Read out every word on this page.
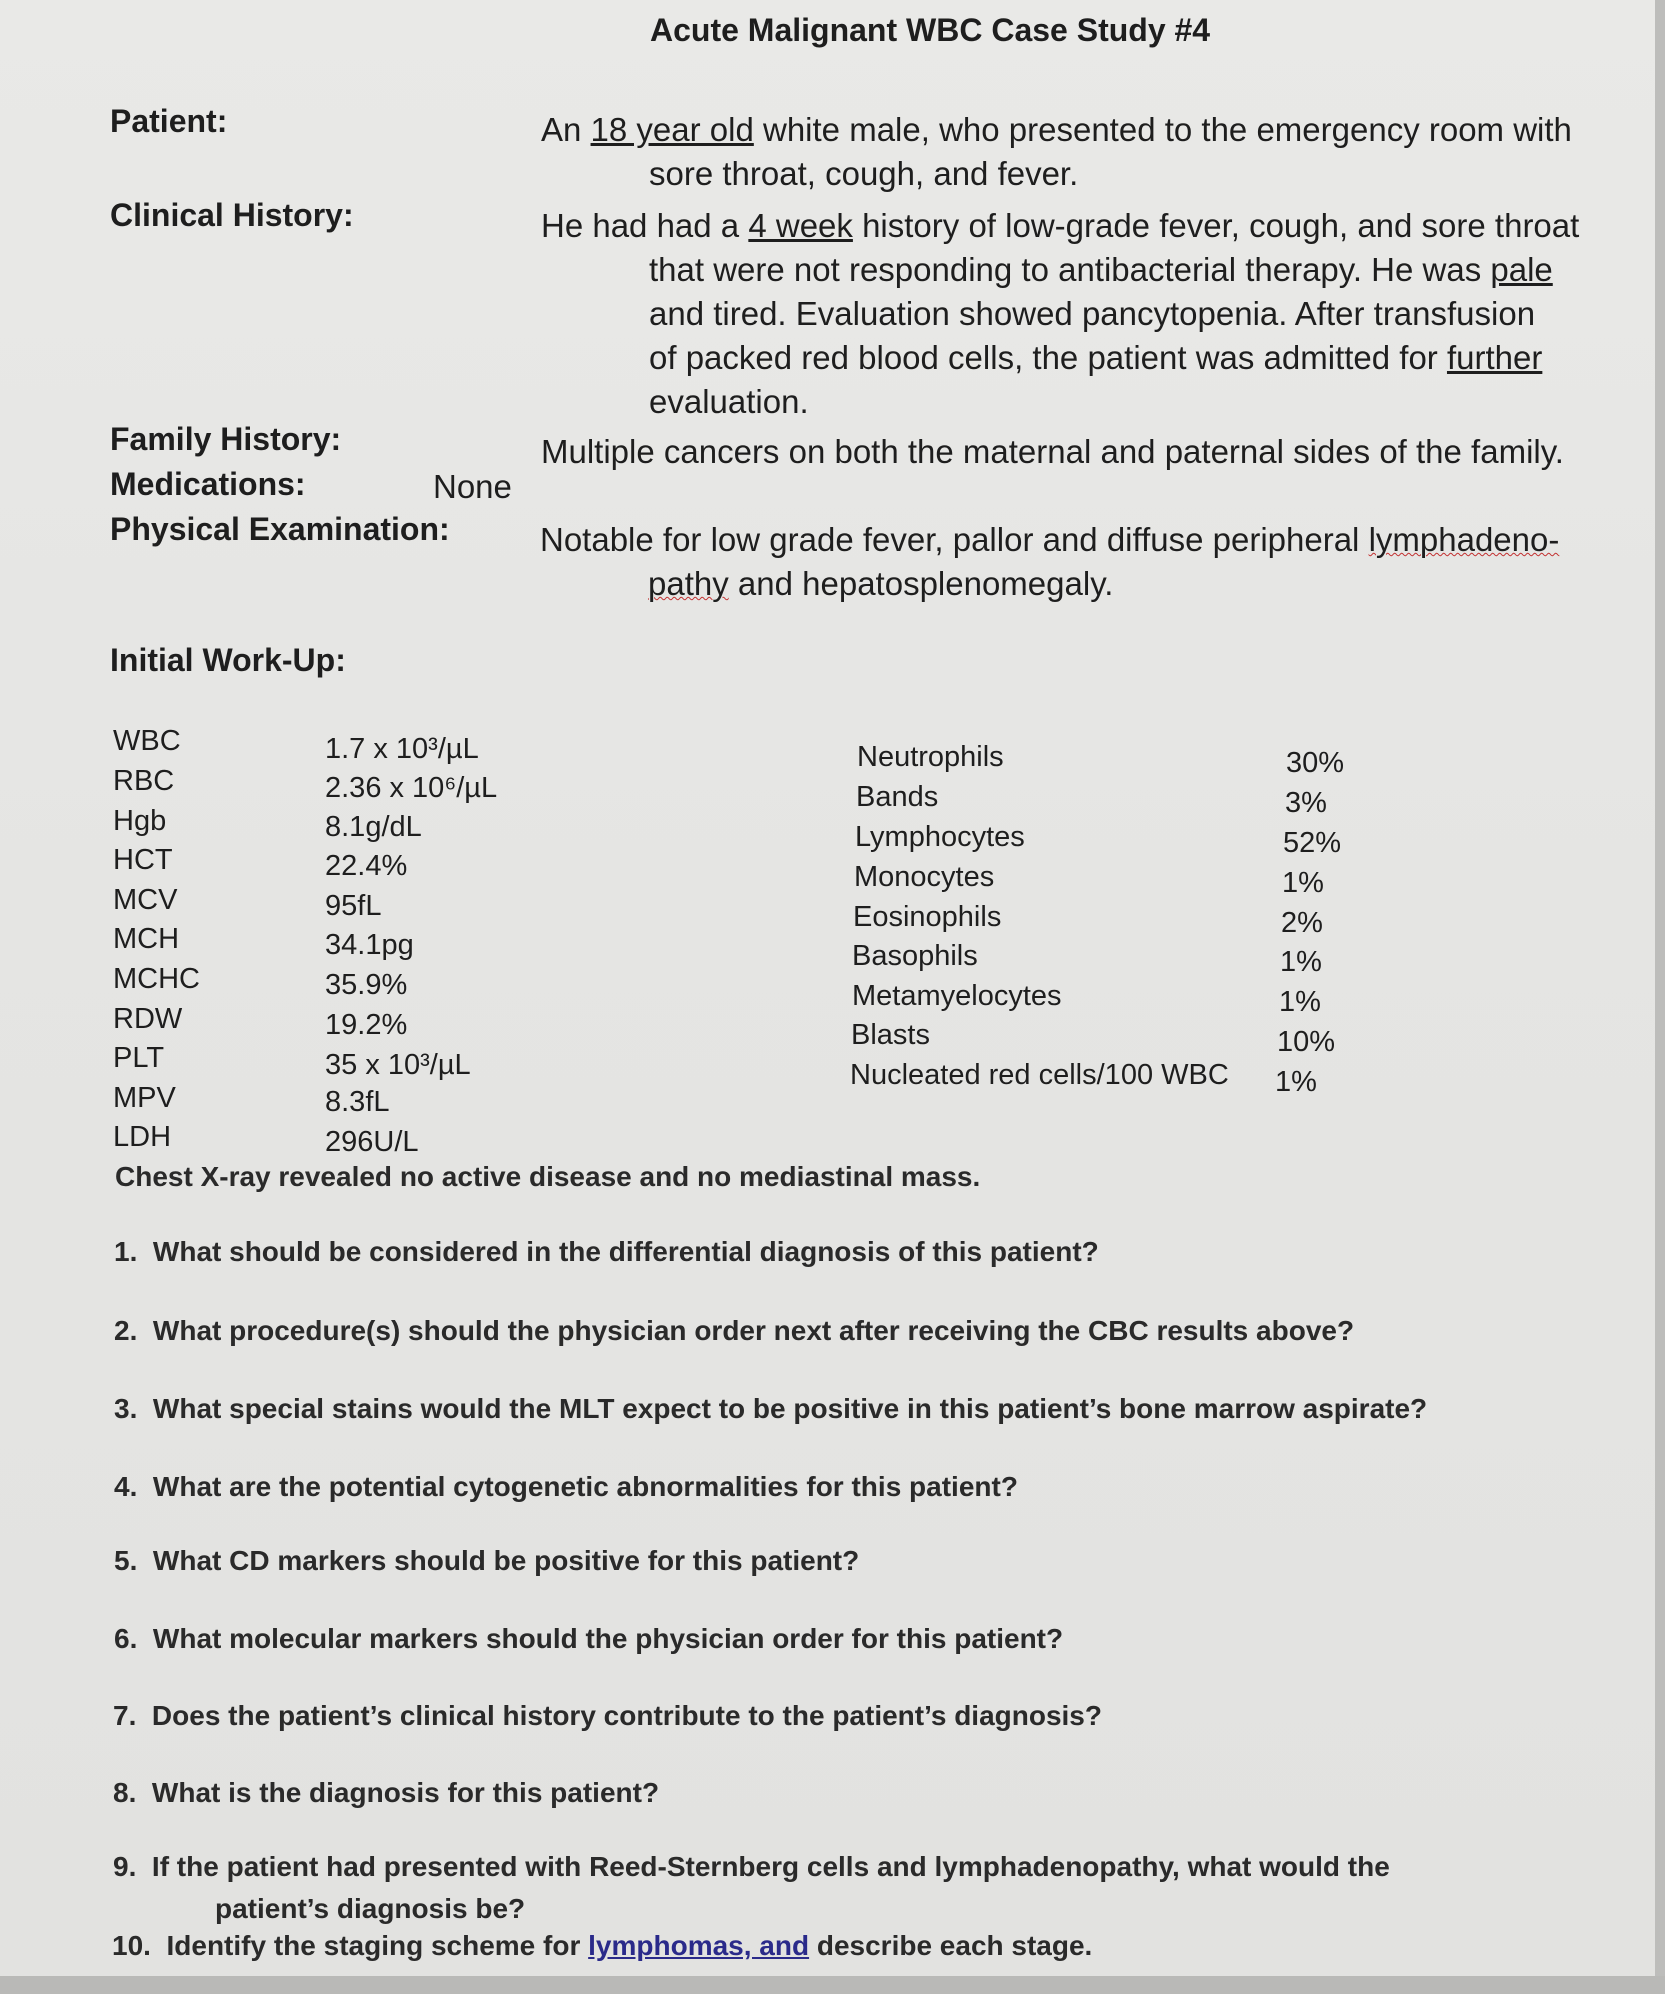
Acute Malignant WBC Case Study #4
Patient:	An 18 year old white male, who presented to the emergency room with
sore throat, cough, and fever.
Clinical History:	He had had a 4 week history of low-grade fever, cough, and sore throat
that were not responding to antibacterial therapy. He was pale
and tired. Evaluation showed pancytopenia. After transfusion
of packed red blood cells, the patient was admitted for further
evaluation.
Family History:	Multiple cancers on both the maternal and paternal sides of the family.
Medications:	None
Physical Examination:	Notable for low grade fever, pallor and diffuse peripheral lymphadeno-
pathy and hepatosplenomegaly.
Initial Work-Up:
WBC	1.7 x 10³/µL
RBC	2.36 x 10⁶/µL
Hgb	8.1g/dL
HCT	22.4%
MCV	95fL
MCH	34.1pg
MCHC	35.9%
RDW	19.2%
PLT	35 x 10³/µL
MPV	8.3fL
LDH	296U/L
Neutrophils	30%
Bands	3%
Lymphocytes	52%
Monocytes	1%
Eosinophils	2%
Basophils	1%
Metamyelocytes	1%
Blasts	10%
Nucleated red cells/100 WBC 1%
Chest X-ray revealed no active disease and no mediastinal mass.
1. What should be considered in the differential diagnosis of this patient?
2. What procedure(s) should the physician order next after receiving the CBC results above?
3. What special stains would the MLT expect to be positive in this patient’s bone marrow aspirate?
4. What are the potential cytogenetic abnormalities for this patient?
5. What CD markers should be positive for this patient?
6. What molecular markers should the physician order for this patient?
7. Does the patient’s clinical history contribute to the patient’s diagnosis?
8. What is the diagnosis for this patient?
9. If the patient had presented with Reed-Sternberg cells and lymphadenopathy, what would the
patient’s diagnosis be?
10. Identify the staging scheme for lymphomas, and describe each stage.
